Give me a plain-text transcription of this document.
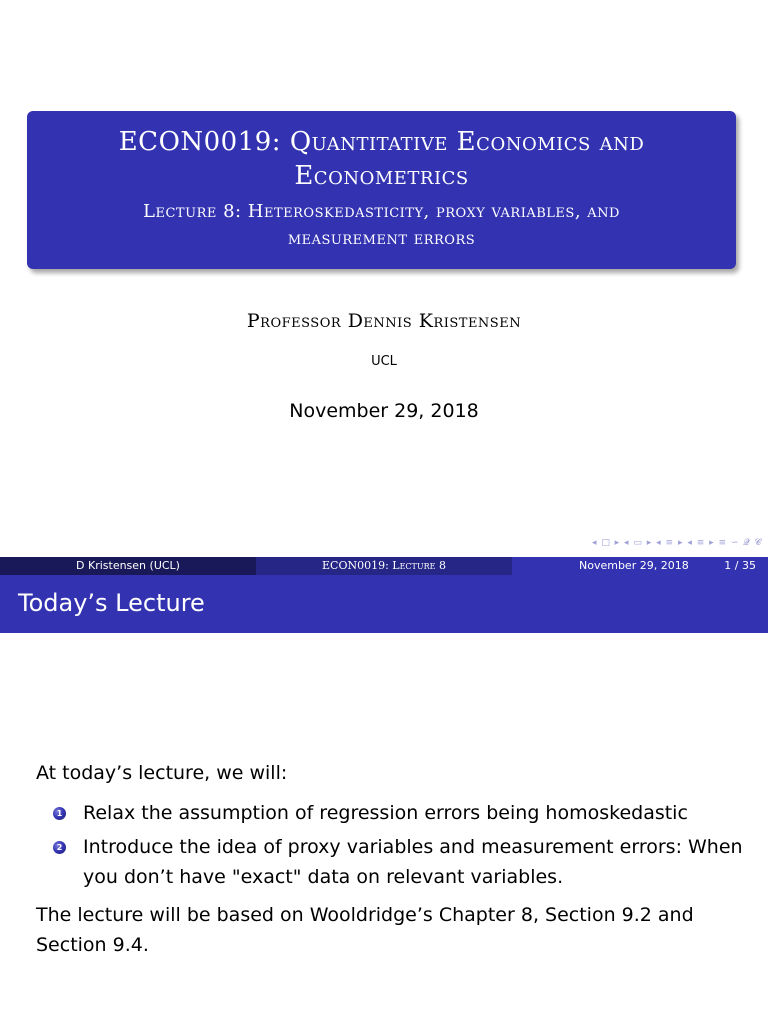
ECON0019: Quantitative Economics and
Econometrics
Lecture 8: Heteroskedasticity, proxy variables, and
measurement errors
Professor Dennis Kristensen
UCL
November 29, 2018
◂ □ ▸ ◂ ▭ ▸ ◂ ≡ ▸ ◂ ≡ ▸ ≡ ∽ 𝓠 𝓒
D Kristensen (UCL)	ECON0019: Lecture 8	November 29, 2018	1 / 35
Today’s Lecture

At today’s lecture, we will:

1 Relax the assumption of regression errors being homoskedastic
2 Introduce the idea of proxy variables and measurement errors: When you don’t have "exact" data on relevant variables.

The lecture will be based on Wooldridge’s Chapter 8, Section 9.2 and Section 9.4.
